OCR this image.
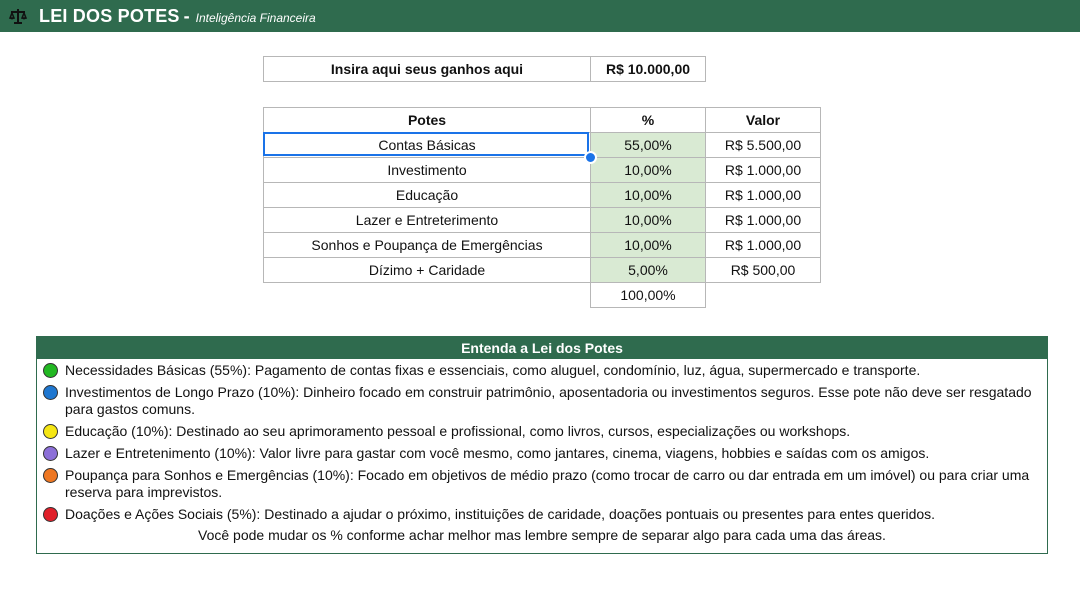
LEI DOS POTES - Inteligência Financeira
Insira aqui seus ganhos aqui	R$ 10.000,00
Potes	%	Valor
Contas Básicas	55,00%	R$ 5.500,00
Investimento	10,00%	R$ 1.000,00
Educação	10,00%	R$ 1.000,00
Lazer e Entreterimento	10,00%	R$ 1.000,00
Sonhos e Poupança de Emergências	10,00%	R$ 1.000,00
Dízimo + Caridade	5,00%	R$ 500,00
	100,00%	
Entenda a Lei dos Potes
Necessidades Básicas (55%): Pagamento de contas fixas e essenciais, como aluguel, condomínio, luz, água, supermercado e transporte.
Investimentos de Longo Prazo (10%): Dinheiro focado em construir patrimônio, aposentadoria ou investimentos seguros. Esse pote não deve ser resgatado para gastos comuns.
Educação (10%): Destinado ao seu aprimoramento pessoal e profissional, como livros, cursos, especializações ou workshops.
Lazer e Entretenimento (10%): Valor livre para gastar com você mesmo, como jantares, cinema, viagens, hobbies e saídas com os amigos.
Poupança para Sonhos e Emergências (10%): Focado em objetivos de médio prazo (como trocar de carro ou dar entrada em um imóvel) ou para criar uma reserva para imprevistos.
Doações e Ações Sociais (5%): Destinado a ajudar o próximo, instituições de caridade, doações pontuais ou presentes para entes queridos.
Você pode mudar os % conforme achar melhor mas lembre sempre de separar algo para cada uma das áreas.
